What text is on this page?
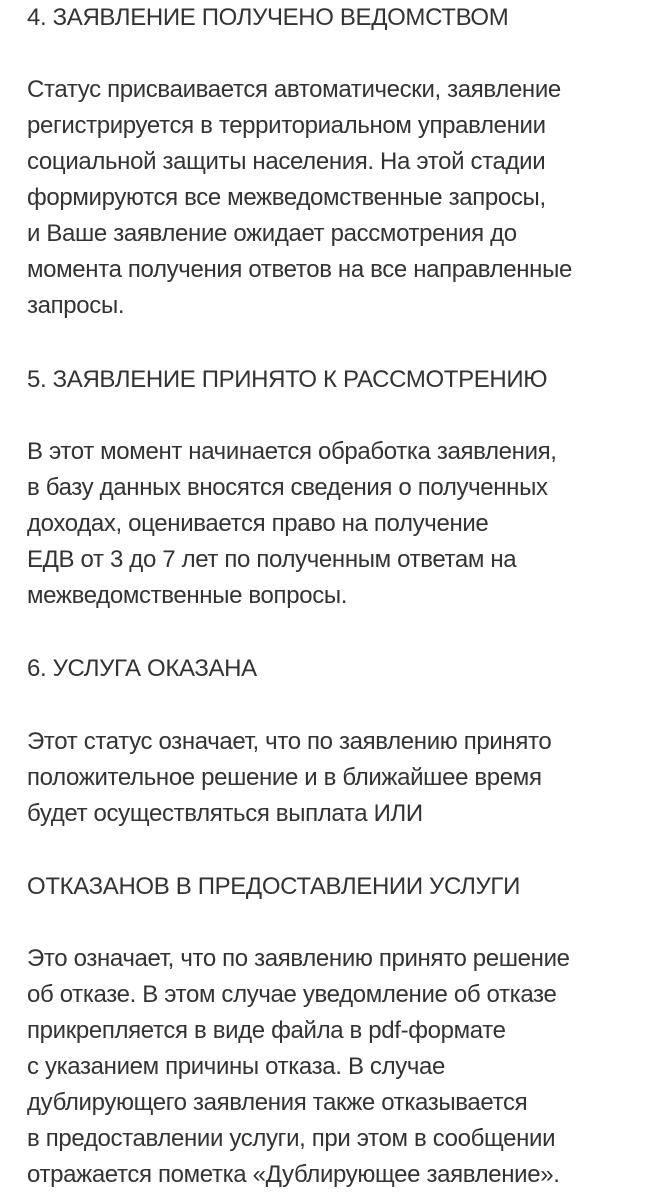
4. ЗАЯВЛЕНИЕ ПОЛУЧЕНО ВЕДОМСТВОМ
Статус присваивается автоматически, заявление
регистрируется в территориальном управлении
социальной защиты населения. На этой стадии
формируются все межведомственные запросы,
и Ваше заявление ожидает рассмотрения до
момента получения ответов на все направленные
запросы.
5. ЗАЯВЛЕНИЕ ПРИНЯТО К РАССМОТРЕНИЮ
В этот момент начинается обработка заявления,
в базу данных вносятся сведения о полученных
доходах, оценивается право на получение
ЕДВ от 3 до 7 лет по полученным ответам на
межведомственные вопросы.
6. УСЛУГА ОКАЗАНА
Этот статус означает, что по заявлению принято
положительное решение и в ближайшее время
будет осуществляться выплата ИЛИ
ОТКАЗАНОВ В ПРЕДОСТАВЛЕНИИ УСЛУГИ
Это означает, что по заявлению принято решение
об отказе. В этом случае уведомление об отказе
прикрепляется в виде файла в pdf-формате
с указанием причины отказа. В случае
дублирующего заявления также отказывается
в предоставлении услуги, при этом в сообщении
отражается пометка «Дублирующее заявление».
